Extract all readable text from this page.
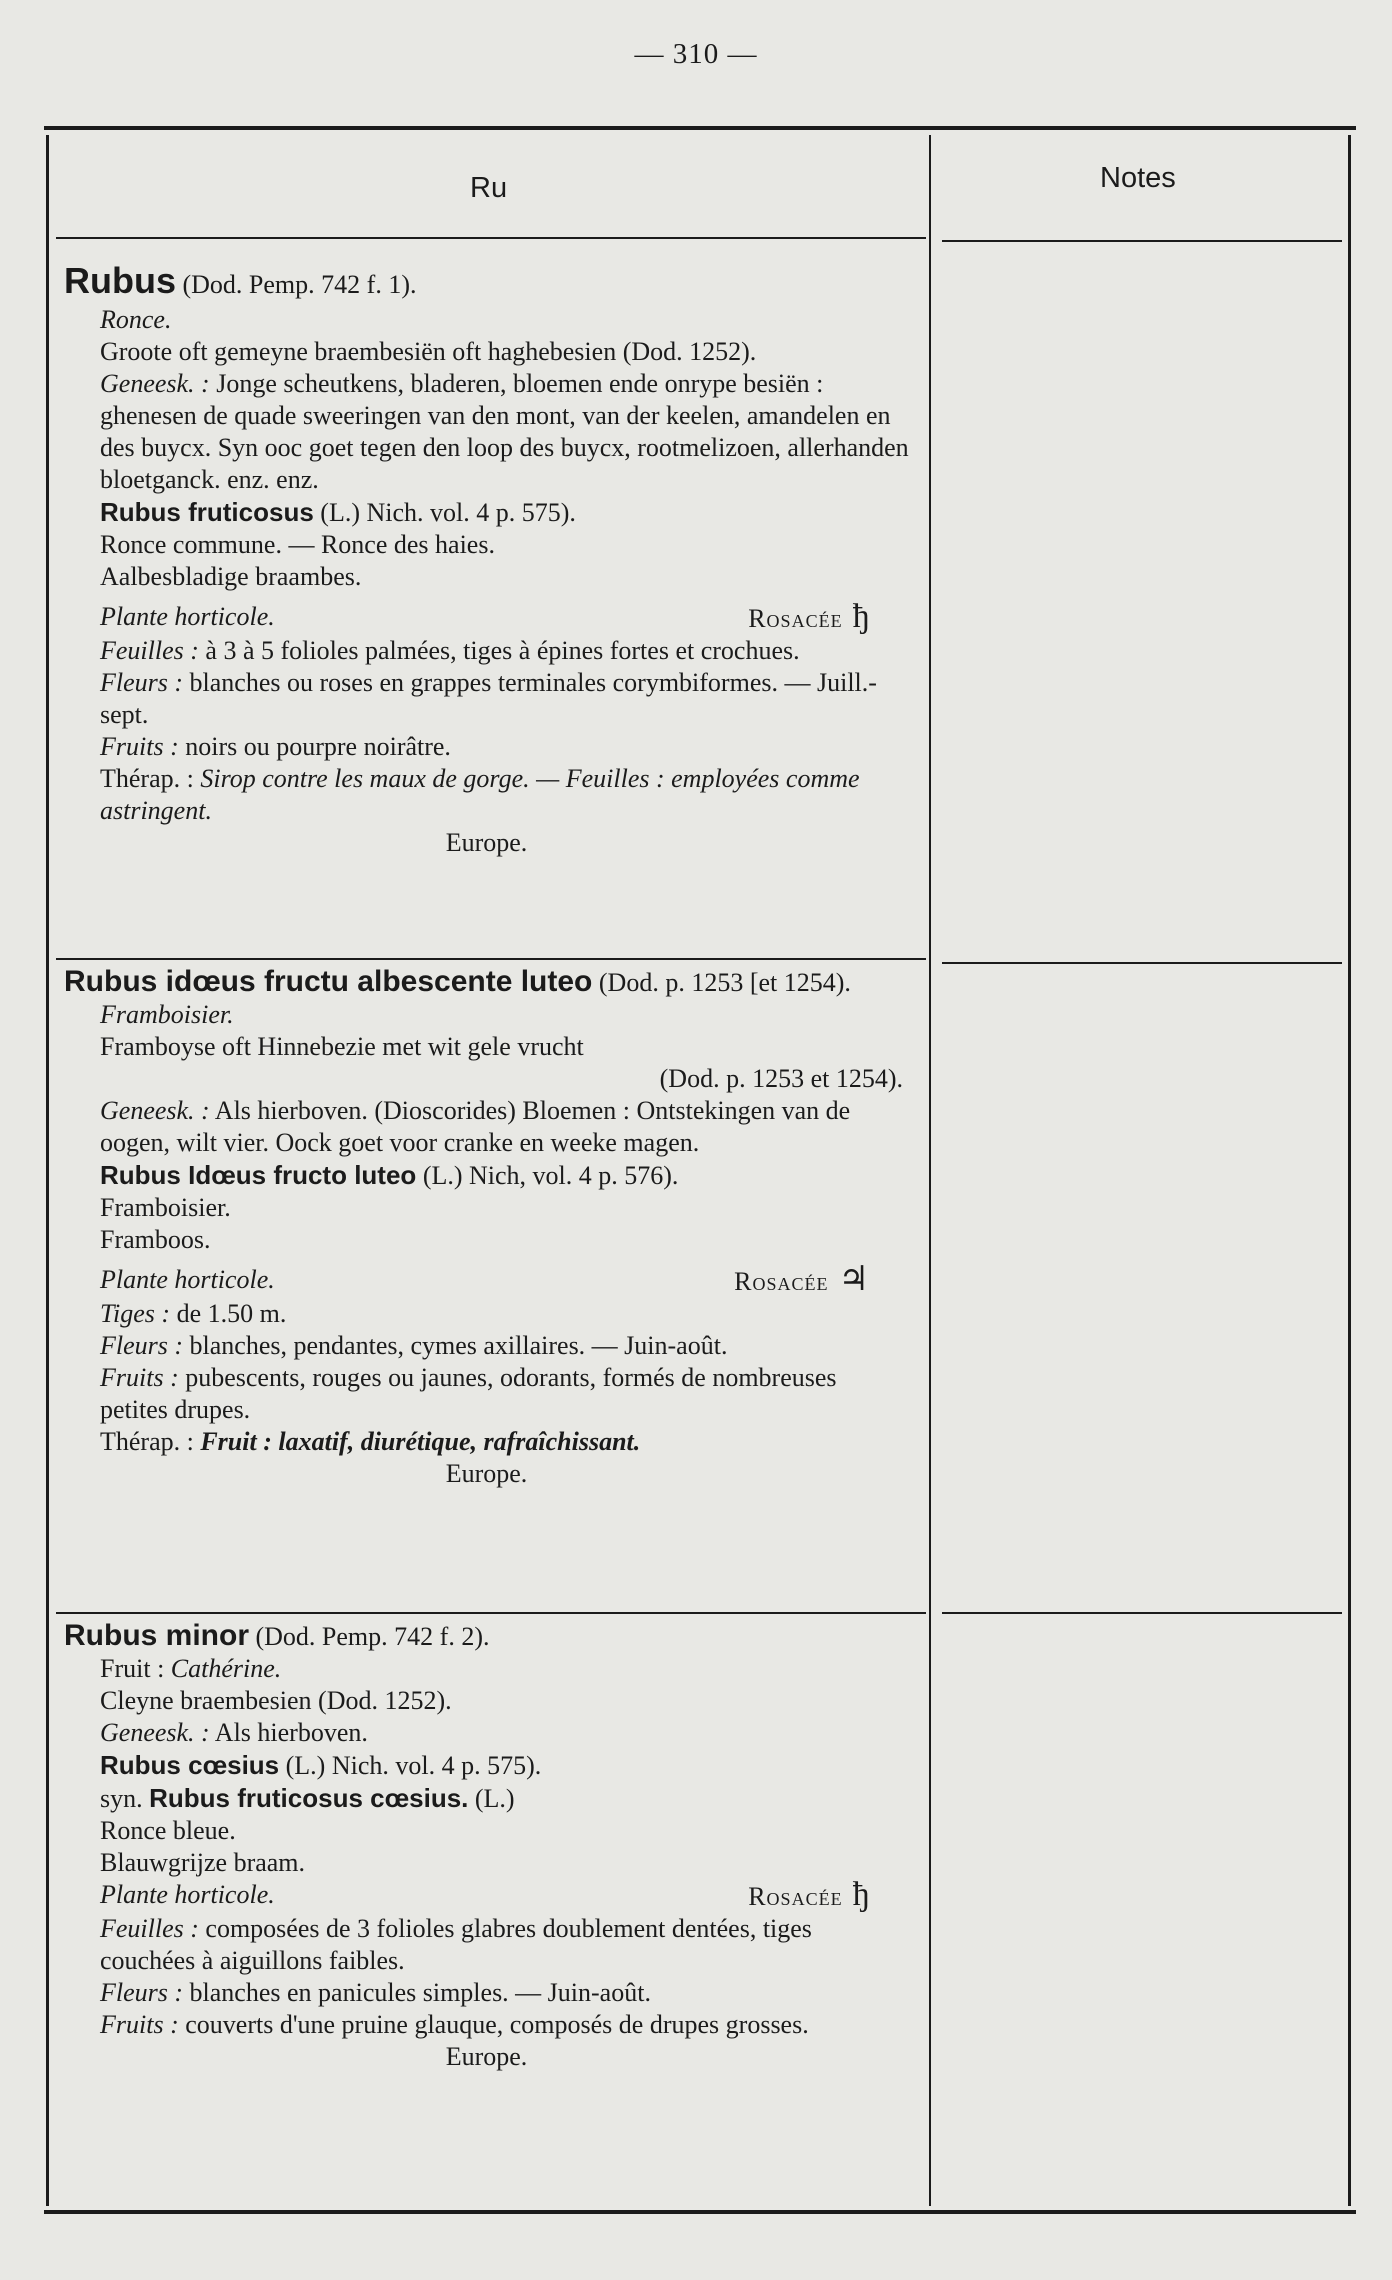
— 310 —
Ru	Notes

Rubus (Dod. Pemp. 742 f. 1).

Ronce.

Groote oft gemeyne braembesiën oft haghebesien (Dod. 1252).

Geneesk. : Jonge scheutkens, bladeren, bloemen ende onrype besiën : ghenesen de quade sweeringen van den mont, van der keelen, amandelen en des buycx. Syn ooc goet tegen den loop des buycx, rootmelizoen, allerhanden bloetganck. enz. enz.

Rubus fruticosus (L.) Nich. vol. 4 p. 575).

Ronce commune. — Ronce des haies.

Aalbesbladige braambes.

Plante horticole.	Rosacée ђ

Feuilles : à 3 à 5 folioles palmées, tiges à épines fortes et crochues.

Fleurs : blanches ou roses en grappes terminales corymbiformes. — Juill.-sept.

Fruits : noirs ou pourpre noirâtre.

Thérap. : Sirop contre les maux de gorge. — Feuilles : employées comme astringent.

Europe.

Rubus idœus fructu albescente luteo (Dod. p. 1253 [et 1254).

Framboisier.

Framboyse oft Hinnebezie met wit gele vrucht

(Dod. p. 1253 et 1254).

Geneesk. : Als hierboven. (Dioscorides) Bloemen : Ontstekingen van de oogen, wilt vier. Oock goet voor cranke en weeke magen.

Rubus Idœus fructo luteo (L.) Nich, vol. 4 p. 576).

Framboisier.

Framboos.

Plante horticole.	Rosacée ♃

Tiges : de 1.50 m.

Fleurs : blanches, pendantes, cymes axillaires. — Juin-août.

Fruits : pubescents, rouges ou jaunes, odorants, formés de nombreuses petites drupes.

Thérap. : Fruit : laxatif, diurétique, rafraîchissant.

Europe.

Rubus minor (Dod. Pemp. 742 f. 2).

Fruit : Cathérine.

Cleyne braembesien (Dod. 1252).

Geneesk. : Als hierboven.

Rubus cœsius (L.) Nich. vol. 4 p. 575).

syn. Rubus fruticosus cœsius. (L.)

Ronce bleue.

Blauwgrijze braam.

Plante horticole.	Rosacée ђ

Feuilles : composées de 3 folioles glabres doublement dentées, tiges couchées à aiguillons faibles.

Fleurs : blanches en panicules simples. — Juin-août.

Fruits : couverts d'une pruine glauque, composés de drupes grosses.

Europe.
